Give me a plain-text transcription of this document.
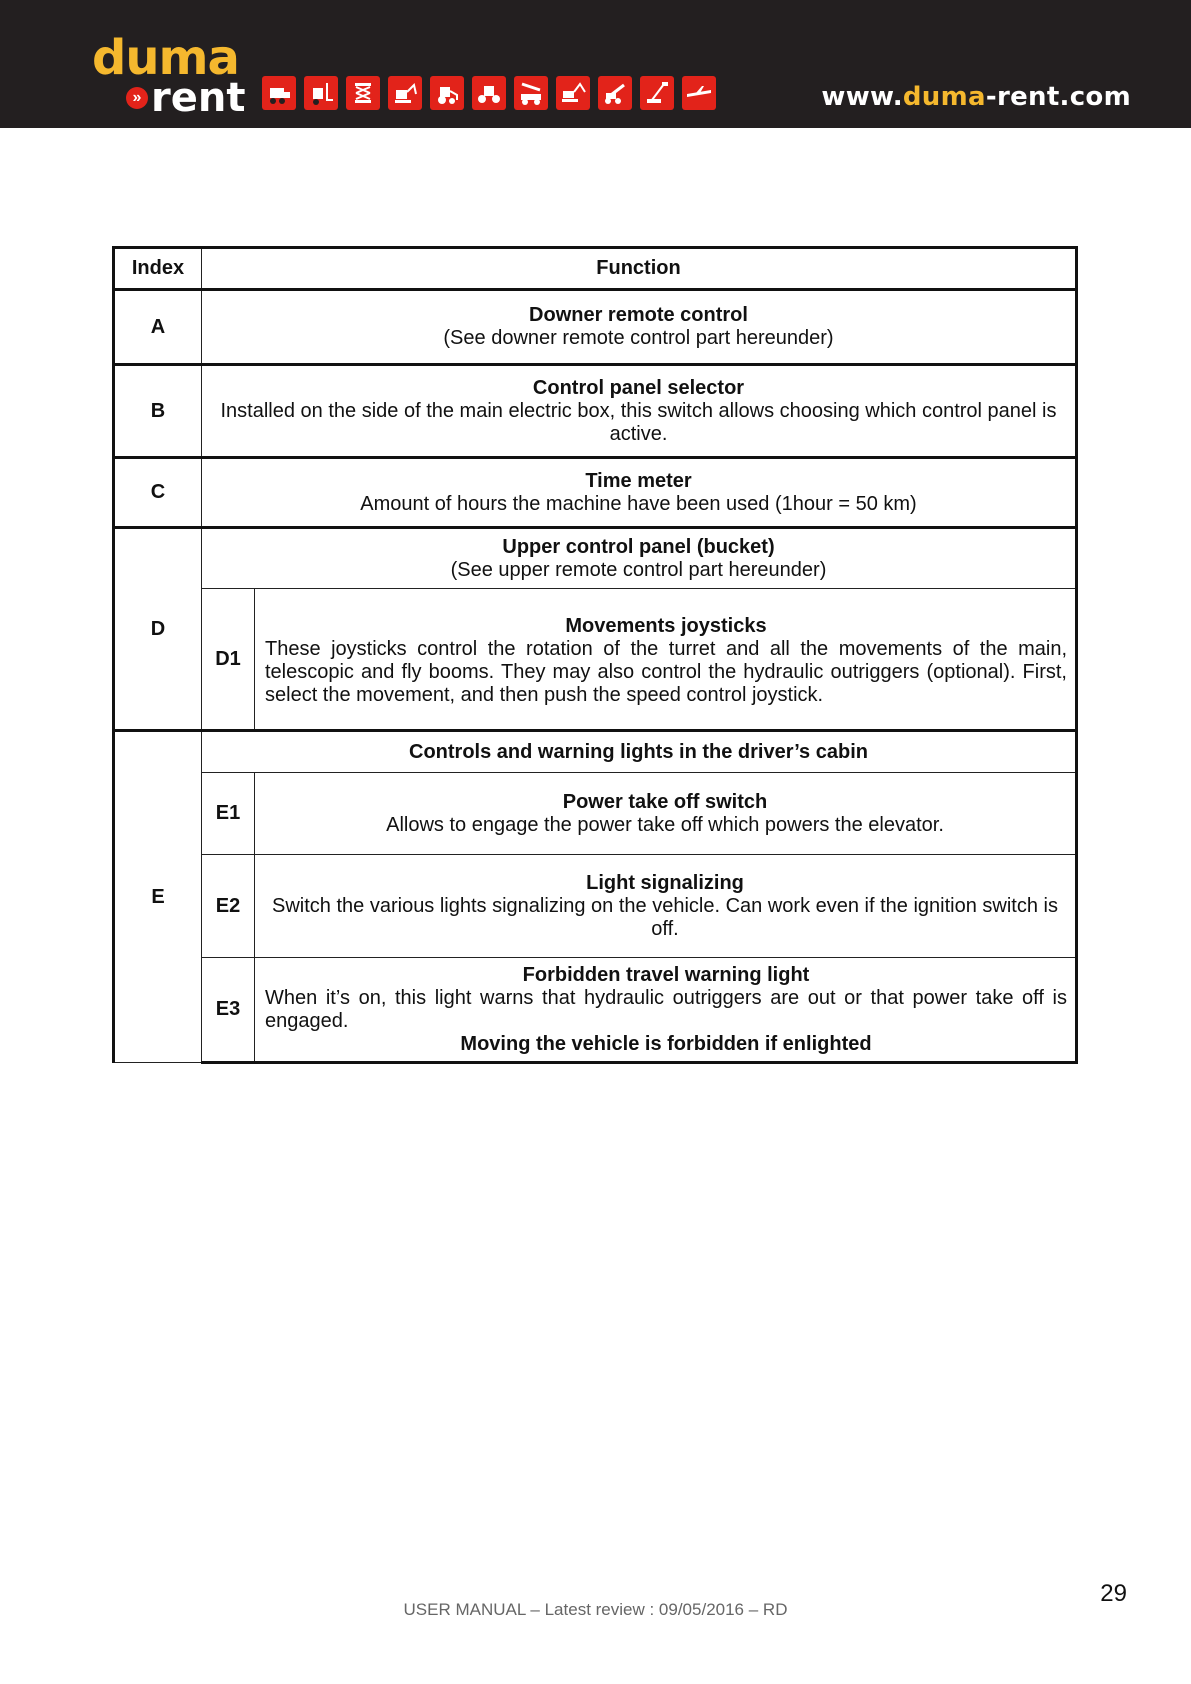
duma
» rent	www.duma-rent.com
Index	Function	
A	Downer remote control
(See downer remote control part hereunder)	

B	Control panel selector
Installed on the side of the main electric box, this switch allows choosing which control panel is active.	

C	Time meter
Amount of hours the machine have been used (1hour = 50 km)	

D	Upper control panel (bucket)
(See upper remote control part hereunder)	

	D1	Movements joysticks
These joysticks control the rotation of the turret and all the movements of the main, telescopic and fly booms. They may also control the hydraulic outriggers (optional). First, select the movement, and then push the speed control joystick.

E	Controls and warning lights in the driver’s cabin	
	E1	Power take off switch
Allows to engage the power take off which powers the elevator.

	E2	Light signalizing
Switch the various lights signalizing on the vehicle. Can work even if the ignition switch is off.

	E3	Forbidden travel warning light
When it’s on, this light warns that hydraulic outriggers are out or that power take off is engaged.
Moving the vehicle is forbidden if enlighted
29
USER MANUAL – Latest review : 09/05/2016 – RD
